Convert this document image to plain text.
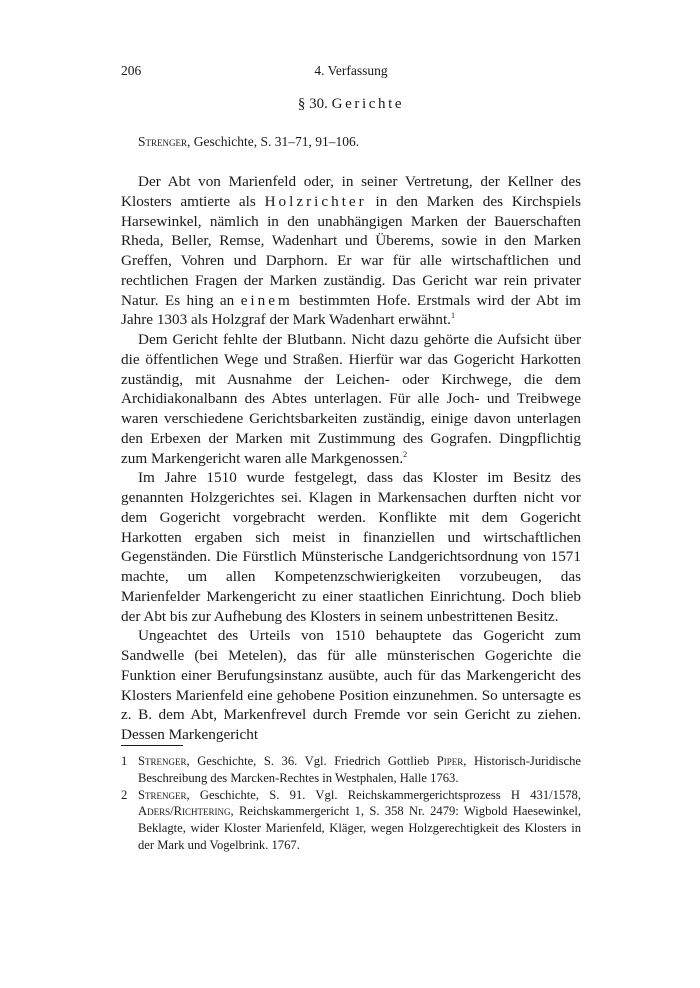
206	4. Verfassung
§ 30. Gerichte
Strenger, Geschichte, S. 31–71, 91–106.

Der Abt von Marienfeld oder, in seiner Vertretung, der Kellner des Klosters amtierte als Holzrichter in den Marken des Kirchspiels Harsewinkel, nämlich in den unabhängigen Marken der Bauerschaften Rheda, Beller, Remse, Wadenhart und Überems, sowie in den Marken Greffen, Vohren und Darphorn. Er war für alle wirtschaftlichen und rechtlichen Fragen der Marken zuständig. Das Gericht war rein privater Natur. Es hing an einem bestimmten Hofe. Erstmals wird der Abt im Jahre 1303 als Holzgraf der Mark Wadenhart erwähnt.$^1$

Dem Gericht fehlte der Blutbann. Nicht dazu gehörte die Aufsicht über die öffentlichen Wege und Straßen. Hierfür war das Gogericht Harkotten zuständig, mit Ausnahme der Leichen- oder Kirchwege, die dem Archidiakonalbann des Abtes unterlagen. Für alle Joch- und Treibwege waren verschiedene Gerichtsbarkeiten zuständig, einige davon unterlagen den Erbexen der Marken mit Zustimmung des Gografen. Dingpflichtig zum Markengericht waren alle Markgenossen.$^2$

Im Jahre 1510 wurde festgelegt, dass das Kloster im Besitz des genannten Holzgerichtes sei. Klagen in Markensachen durften nicht vor dem Gogericht vorgebracht werden. Konflikte mit dem Gogericht Harkotten ergaben sich meist in finanziellen und wirtschaftlichen Gegenständen. Die Fürstlich Münsterische Landgerichtsordnung von 1571 machte, um allen Kompetenzschwierigkeiten vorzubeugen, das Marienfelder Markengericht zu einer staatlichen Einrichtung. Doch blieb der Abt bis zur Aufhebung des Klosters in seinem unbestrittenen Besitz.

Ungeachtet des Urteils von 1510 behauptete das Gogericht zum Sandwelle (bei Metelen), das für alle münsterischen Gogerichte die Funktion einer Berufungsinstanz ausübte, auch für das Markengericht des Klosters Marienfeld eine gehobene Position einzunehmen. So untersagte es z. B. dem Abt, Markenfrevel durch Fremde vor sein Gericht zu ziehen. Dessen Markengericht

1 Strenger, Geschichte, S. 36. Vgl. Friedrich Gottlieb Piper, Historisch-Juridische Beschreibung des Marcken-Rechtes in Westphalen, Halle 1763.

2 Strenger, Geschichte, S. 91. Vgl. Reichskammergerichtsprozess H 431/1578, Aders/Richtering, Reichskammergericht 1, S. 358 Nr. 2479: Wigbold Haesewinkel, Beklagte, wider Kloster Marienfeld, Kläger, wegen Holzgerechtigkeit des Klosters in der Mark und Vogelbrink. 1767.
